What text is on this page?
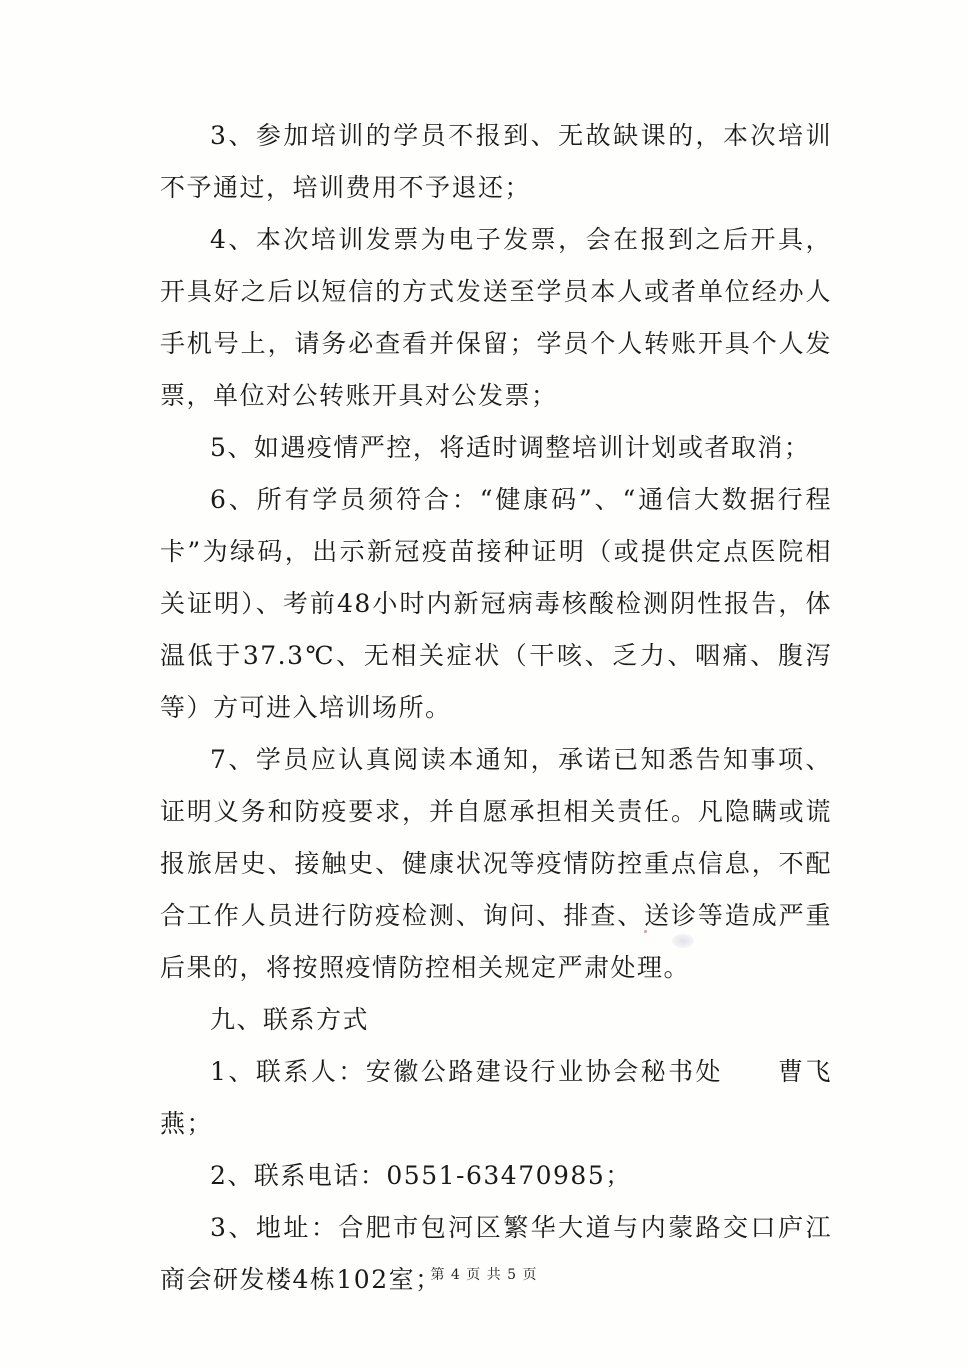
3、参加培训的学员不报到、无故缺课的，本次培训不予通过，培训费用不予退还；

4、本次培训发票为电子发票，会在报到之后开具，开具好之后以短信的方式发送至学员本人或者单位经办人手机号上，请务必查看并保留；学员个人转账开具个人发票，单位对公转账开具对公发票；

5、如遇疫情严控，将适时调整培训计划或者取消；

6、所有学员须符合：“健康码”、“通信大数据行程卡”为绿码，出示新冠疫苗接种证明（或提供定点医院相关证明）、考前48小时内新冠病毒核酸检测阴性报告，体温低于37.3℃、无相关症状（干咳、乏力、咽痛、腹泻等）方可进入培训场所。

7、学员应认真阅读本通知，承诺已知悉告知事项、证明义务和防疫要求，并自愿承担相关责任。凡隐瞒或谎报旅居史、接触史、健康状况等疫情防控重点信息，不配合工作人员进行防疫检测、询问、排查、送诊等造成严重后果的，将按照疫情防控相关规定严肃处理。

九、联系方式

1、联系人：安徽公路建设行业协会秘书处　　曹飞燕；

2、联系电话：0551-63470985；

3、地址：合肥市包河区繁华大道与内蒙路交口庐江商会研发楼4栋102室；

第 4 页 共 5 页
